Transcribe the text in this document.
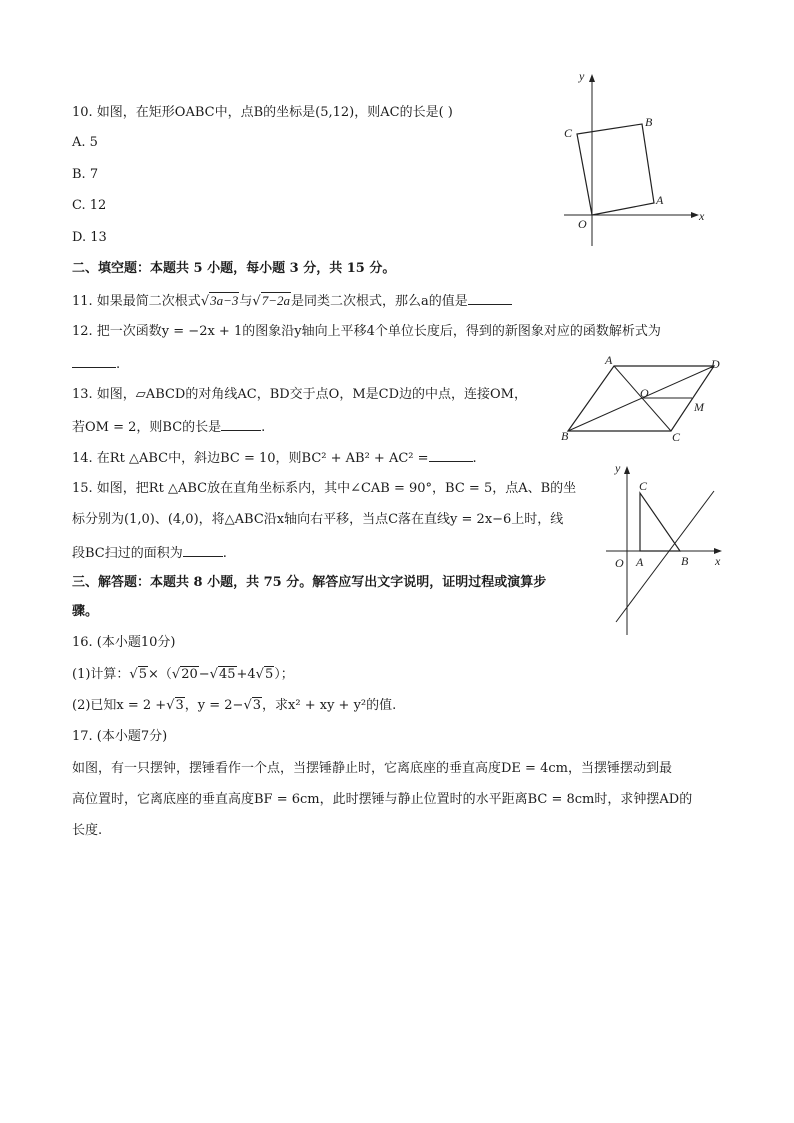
10. 如图，在矩形OABC中，点B的坐标是(5,12)，则AC的长是( )
A. 5
B. 7
C. 12
D. 13
y
x
O
A
B
C
二、填空题：本题共 5 小题，每小题 3 分，共 15 分。
11. 如果最简二次根式√3a−3与√7−2a是同类二次根式，那么a的值是
12. 把一次函数y = −2x + 1的图象沿y轴向上平移4个单位长度后，得到的新图象对应的函数解析式为
.
13. 如图，▱ABCD的对角线AC，BD交于点O，M是CD边的中点，连接OM，
若OM = 2，则BC的长是	.
A	D
O
M
B	C
14. 在Rt △ABC中，斜边BC = 10，则BC² + AB² + AC² =	.
15. 如图，把Rt △ABC放在直角坐标系内，其中∠CAB = 90°，BC = 5，点A、B的坐
标分别为(1,0)、(4,0)，将△ABC沿x轴向右平移，当点C落在直线y = 2x−6上时，线
段BC扫过的面积为	.
y
x
O A	B
C
三、解答题：本题共 8 小题，共 75 分。解答应写出文字说明，证明过程或演算步
骤。
16. (本小题10分)
(1)计算：√5×（√20−√45+4√5）；
(2)已知x = 2 +√3，y = 2−√3，求x² + xy + y²的值.
17. (本小题7分)
如图，有一只摆钟，摆锤看作一个点，当摆锤静止时，它离底座的垂直高度DE = 4cm，当摆锤摆动到最
高位置时，它离底座的垂直高度BF = 6cm，此时摆锤与静止位置时的水平距离BC = 8cm时，求钟摆AD的
长度.
